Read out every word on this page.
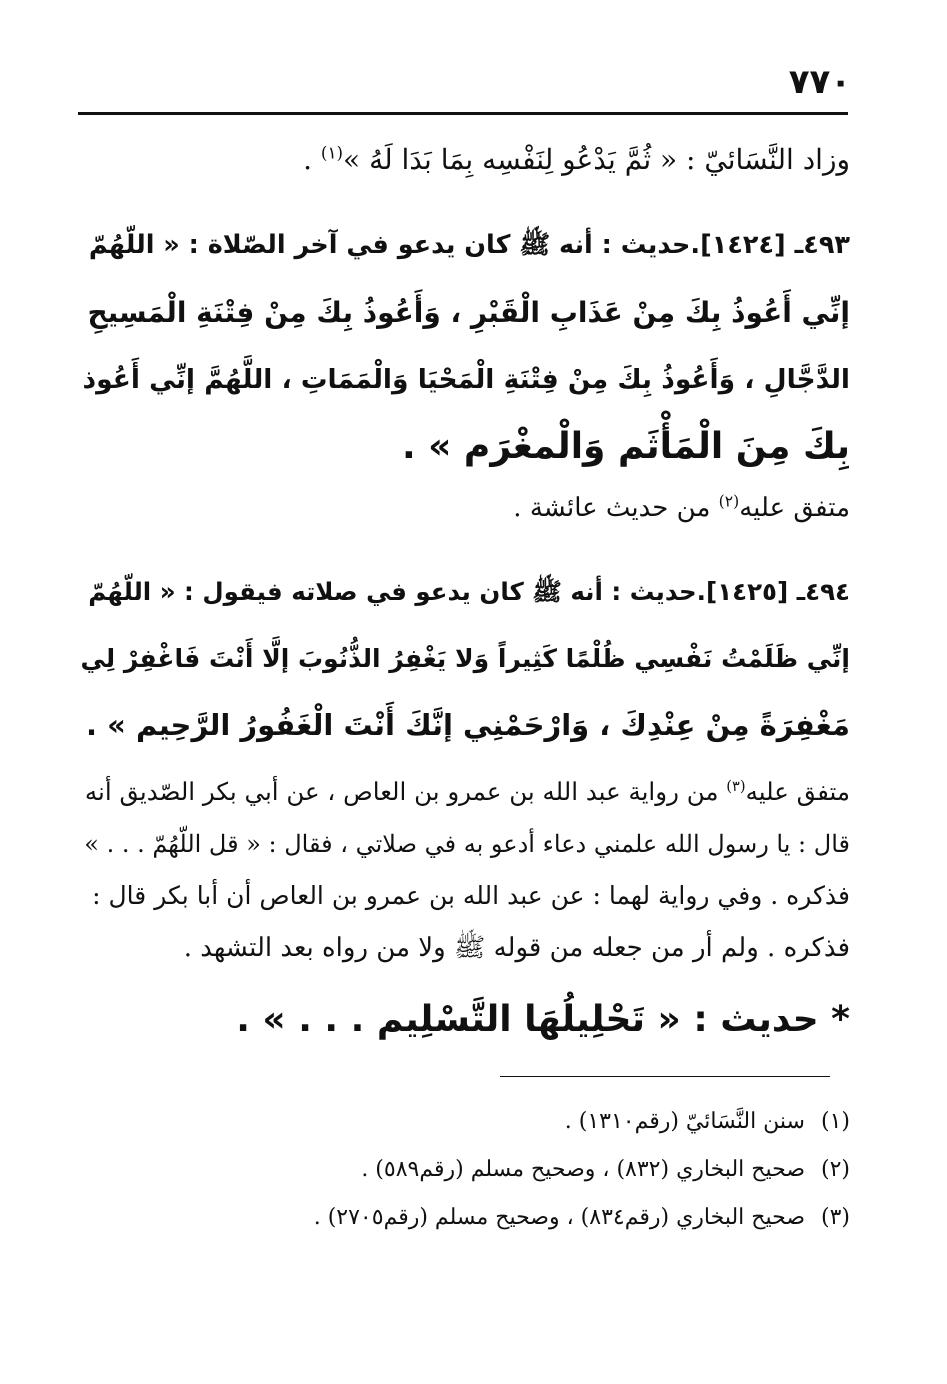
٧٧٠
وزاد النَّسَائيّ : « ثُمَّ يَدْعُو لِنَفْسِه بِمَا بَدَا لَهُ »$^{(١)}$ .
٤٩٣ـ [١٤٢٤].حديث : أنه ﷺ كان يدعو في آخر الصّلاة : « اللّهُمّ
إنِّي أَعُوذُ بِكَ مِنْ عَذَابِ الْقَبْرِ ، وَأَعُوذُ بِكَ مِنْ فِتْنَةِ الْمَسِيحِ
الدَّجَّالِ ، وَأَعُوذُ بِكَ مِنْ فِتْنَةِ الْمَحْيَا وَالْمَمَاتِ ، اللَّهُمَّ إنِّي أَعُوذ
بِكَ مِنَ الْمَأْثَم وَالْمغْرَم » .
متفق عليه$^{(٢)}$ من حديث عائشة .
٤٩٤ـ [١٤٢٥].حديث : أنه ﷺ كان يدعو في صلاته فيقول : « اللّهُمّ
إنِّي ظَلَمْتُ نَفْسِي ظُلْمًا كَثِيراً وَلا يَغْفِرُ الذُّنُوبَ إلَّا أَنْتَ فَاغْفِرْ لِي
مَغْفِرَةً مِنْ عِنْدِكَ ، وَارْحَمْنِي إنَّكَ أَنْتَ الْغَفُورُ الرَّحِيم » .
متفق عليه$^{(٣)}$ من رواية عبد الله بن عمرو بن العاص ، عن أبي بكر الصّديق أنه
قال : يا رسول الله علمني دعاء أدعو به في صلاتي ، فقال : « قل اللّهُمّ . . . »
فذكره . وفي رواية لهما : عن عبد الله بن عمرو بن العاص أن أبا بكر قال :
فذكره . ولم أر من جعله من قوله ﷺ ولا من رواه بعد التشهد .
* حديث : « تَحْلِيلُهَا التَّسْلِيم . . . » .
(١) سنن النَّسَائيّ (رقم١٣١٠) .
(٢) صحيح البخاري (٨٣٢) ، وصحيح مسلم (رقم٥٨٩) .
(٣) صحيح البخاري (رقم٨٣٤) ، وصحيح مسلم (رقم٢٧٠٥) .
